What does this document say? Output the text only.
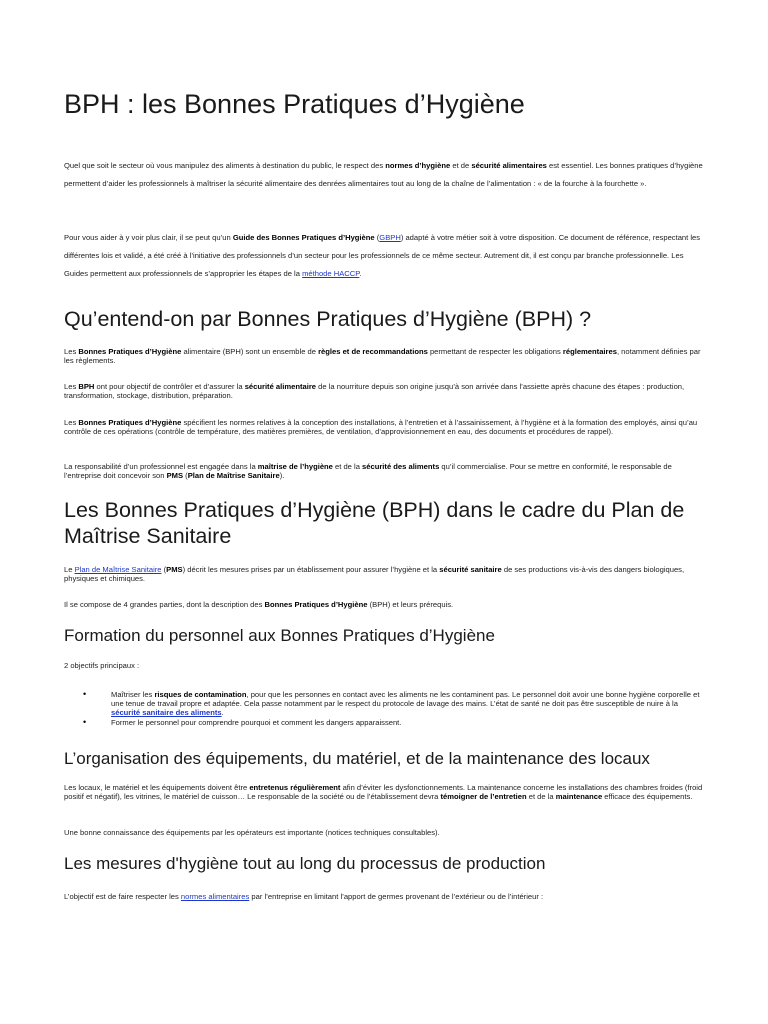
BPH : les Bonnes Pratiques d’Hygiène

Quel que soit le secteur où vous manipulez des aliments à destination du public, le respect des normes d’hygiène et de sécurité alimentaires est essentiel. Les bonnes pratiques d’hygiène permettent d’aider les professionnels à maîtriser la sécurité alimentaire des denrées alimentaires tout au long de la chaîne de l’alimentation : « de la fourche à la fourchette ».

Pour vous aider à y voir plus clair, il se peut qu’un Guide des Bonnes Pratiques d’Hygiène (GBPH) adapté à votre métier soit à votre disposition. Ce document de référence, respectant les différentes lois et validé, a été créé à l’initiative des professionnels d’un secteur pour les professionnels de ce même secteur. Autrement dit, il est conçu par branche professionnelle. Les Guides permettent aux professionnels de s’approprier les étapes de la méthode HACCP.

Qu’entend-on par Bonnes Pratiques d’Hygiène (BPH) ?

Les Bonnes Pratiques d’Hygiène alimentaire (BPH) sont un ensemble de règles et de recommandations permettant de respecter les obligations réglementaires, notamment définies par les règlements.

Les BPH ont pour objectif de contrôler et d’assurer la sécurité alimentaire de la nourriture depuis son origine jusqu’à son arrivée dans l’assiette après chacune des étapes : production, transformation, stockage, distribution, préparation.

Les Bonnes Pratiques d’Hygiène spécifient les normes relatives à la conception des installations, à l’entretien et à l’assainissement, à l’hygiène et à la formation des employés, ainsi qu’au contrôle de ces opérations (contrôle de température, des matières premières, de ventilation, d’approvisionnement en eau, des documents et procédures de rappel).

La responsabilité d’un professionnel est engagée dans la maîtrise de l’hygiène et de la sécurité des aliments qu’il commercialise. Pour se mettre en conformité, le responsable de l’entreprise doit concevoir son PMS (Plan de Maîtrise Sanitaire).

Les Bonnes Pratiques d’Hygiène (BPH) dans le cadre du Plan de Maîtrise Sanitaire

Le Plan de Maîtrise Sanitaire (PMS) décrit les mesures prises par un établissement pour assurer l’hygiène et la sécurité sanitaire de ses productions vis-à-vis des dangers biologiques, physiques et chimiques.

Il se compose de 4 grandes parties, dont la description des Bonnes Pratiques d’Hygiène (BPH) et leurs prérequis.

Formation du personnel aux Bonnes Pratiques d’Hygiène

2 objectifs principaux :

•	Maîtriser les risques de contamination, pour que les personnes en contact avec les aliments ne les contaminent pas. Le personnel doit avoir une bonne hygiène corporelle et une tenue de travail propre et adaptée. Cela passe notamment par le respect du protocole de lavage des mains. L’état de santé ne doit pas être susceptible de nuire à la sécurité sanitaire des aliments.
•	Former le personnel pour comprendre pourquoi et comment les dangers apparaissent.
L’organisation des équipements, du matériel, et de la maintenance des locaux

Les locaux, le matériel et les équipements doivent être entretenus régulièrement afin d’éviter les dysfonctionnements. La maintenance concerne les installations des chambres froides (froid positif et négatif), les vitrines, le matériel de cuisson… Le responsable de la société ou de l’établissement devra témoigner de l’entretien et de la maintenance efficace des équipements.

Une bonne connaissance des équipements par les opérateurs est importante (notices techniques consultables).

Les mesures d'hygiène tout au long du processus de production

L’objectif est de faire respecter les normes alimentaires par l’entreprise en limitant l’apport de germes provenant de l’extérieur ou de l’intérieur :
